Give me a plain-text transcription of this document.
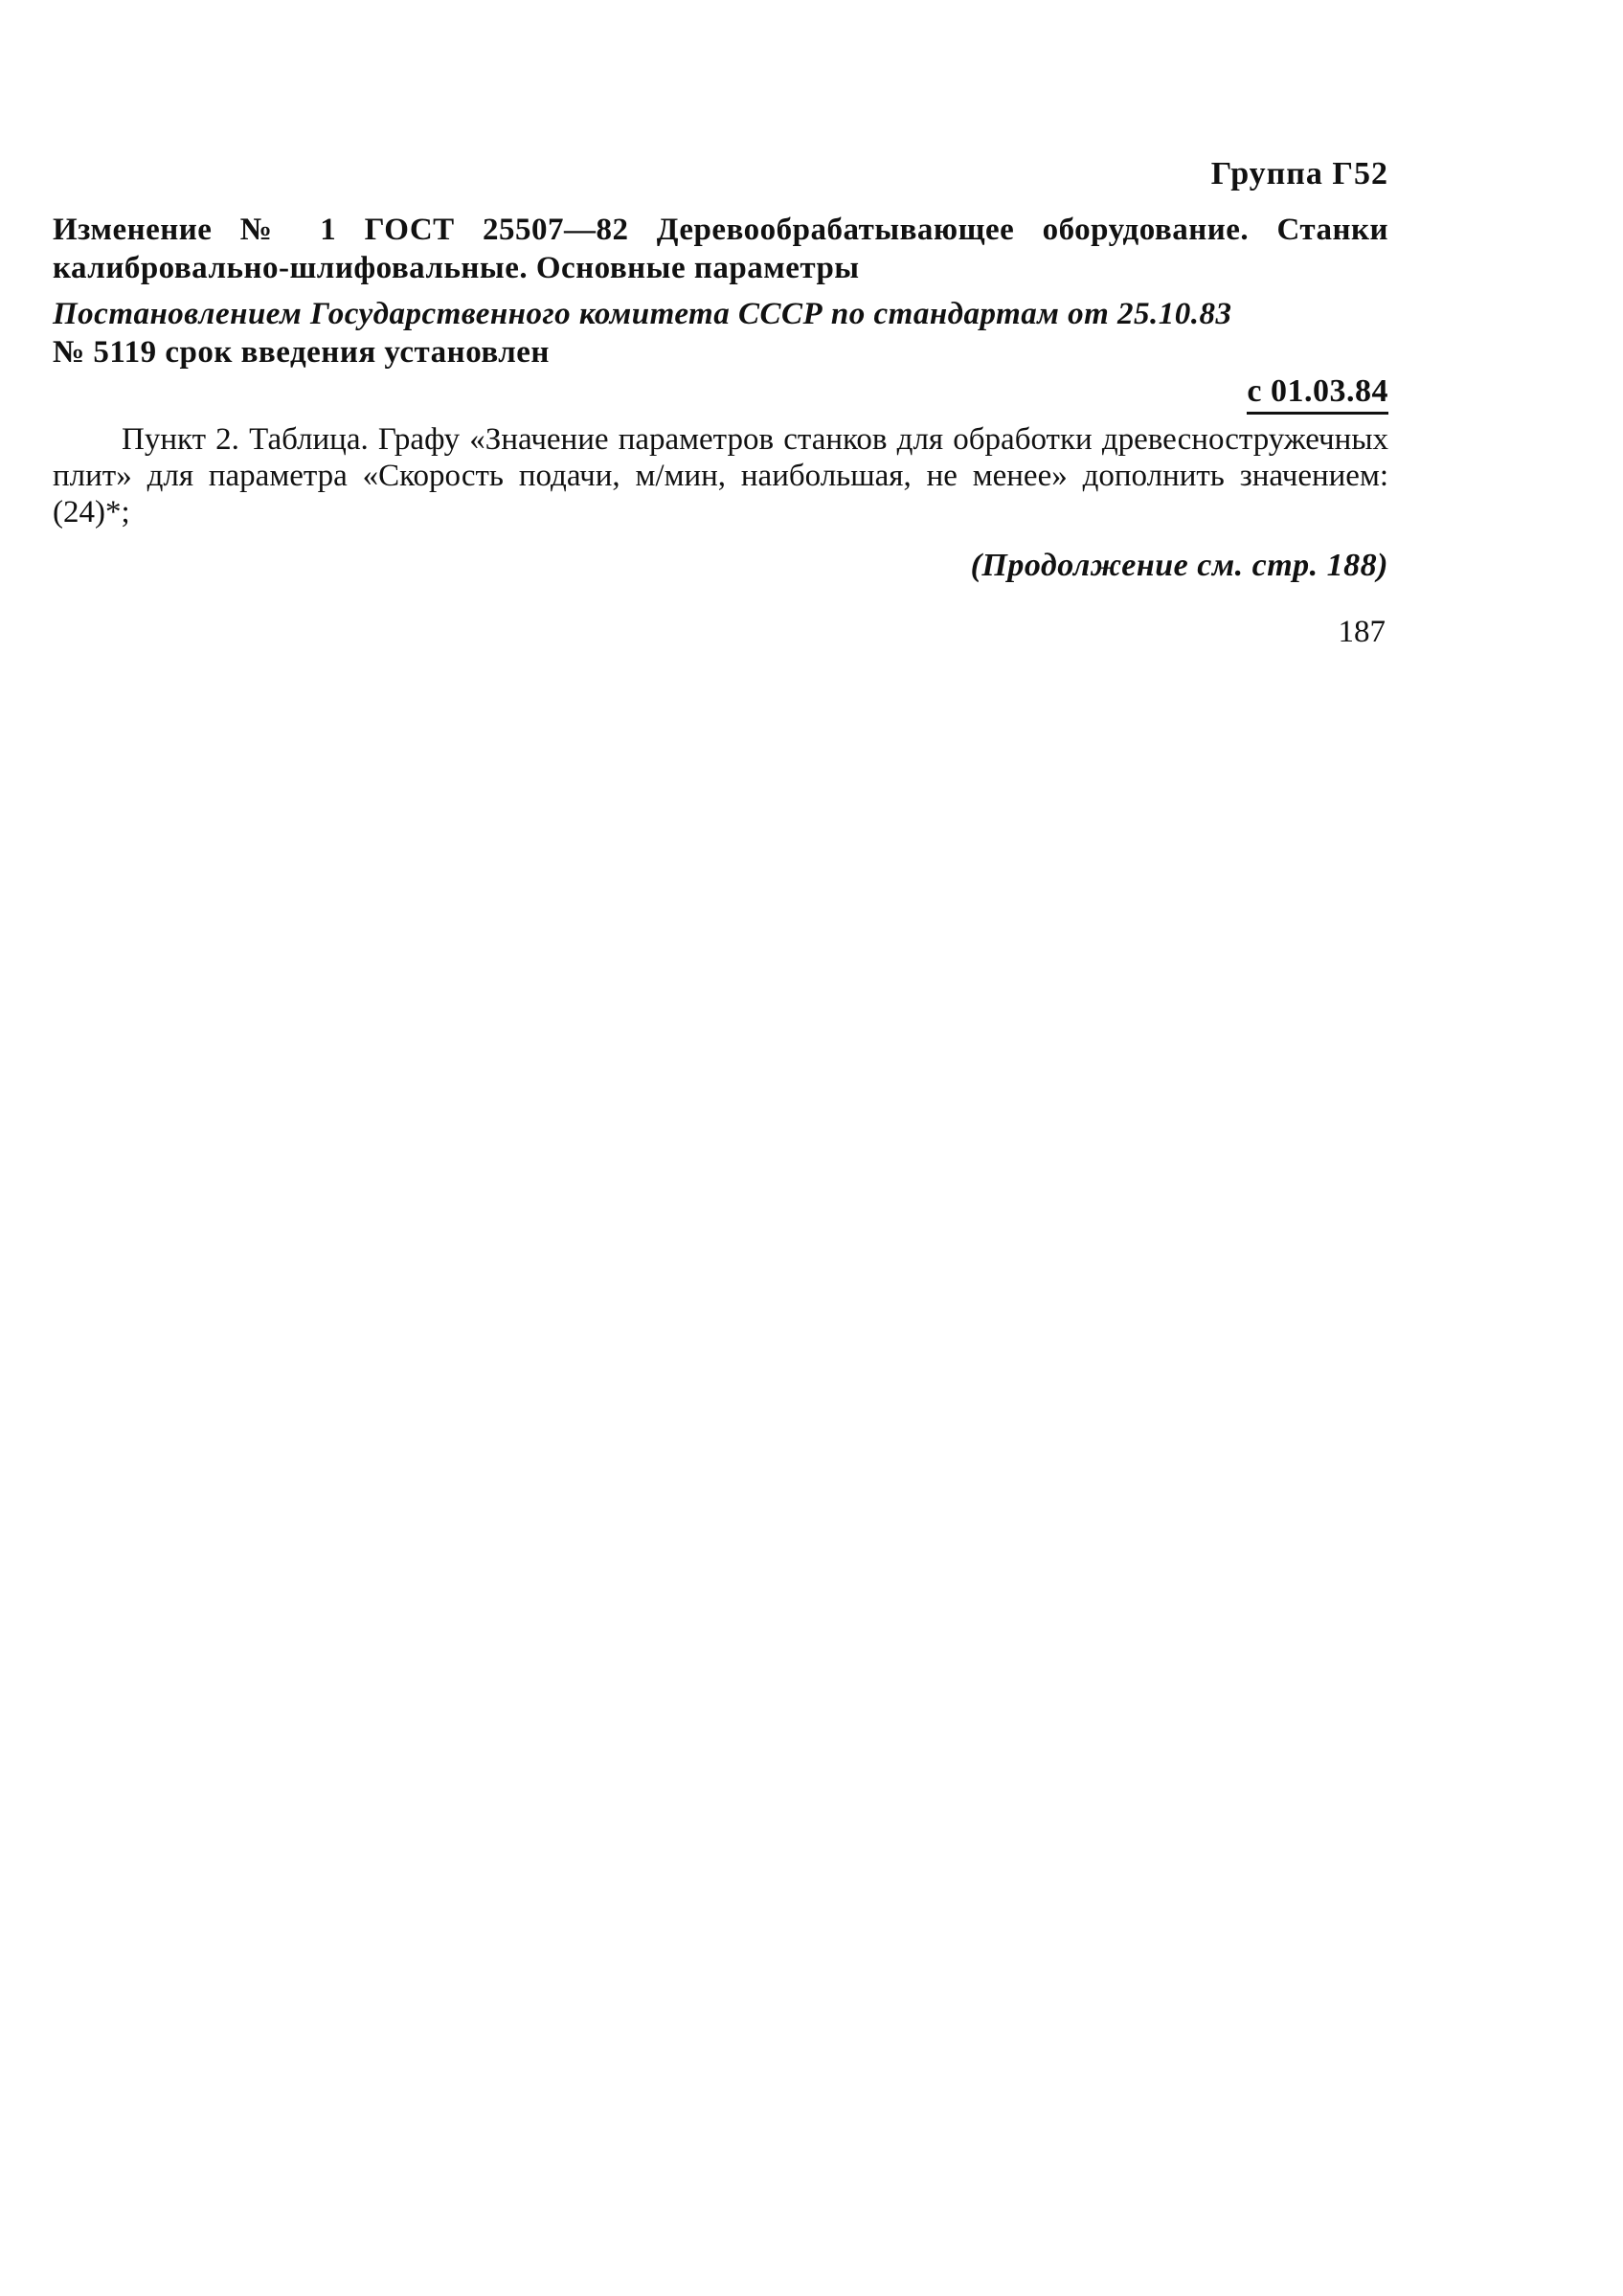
Группа Г52
Изменение № 1 ГОСТ 25507—82 Деревообрабатывающее оборудование. Станки калибровально-шлифовальные. Основные параметры
Постановлением Государственного комитета СССР по стандартам от 25.10.83
№ 5119 срок введения установлен
с 01.03.84
Пункт 2. Таблица. Графу «Значение параметров станков для обработки древесностружечных плит» для параметра «Скорость подачи, м/мин, наибольшая, не менее» дополнить значением: (24)*;
(Продолжение см. стр. 188)
187
